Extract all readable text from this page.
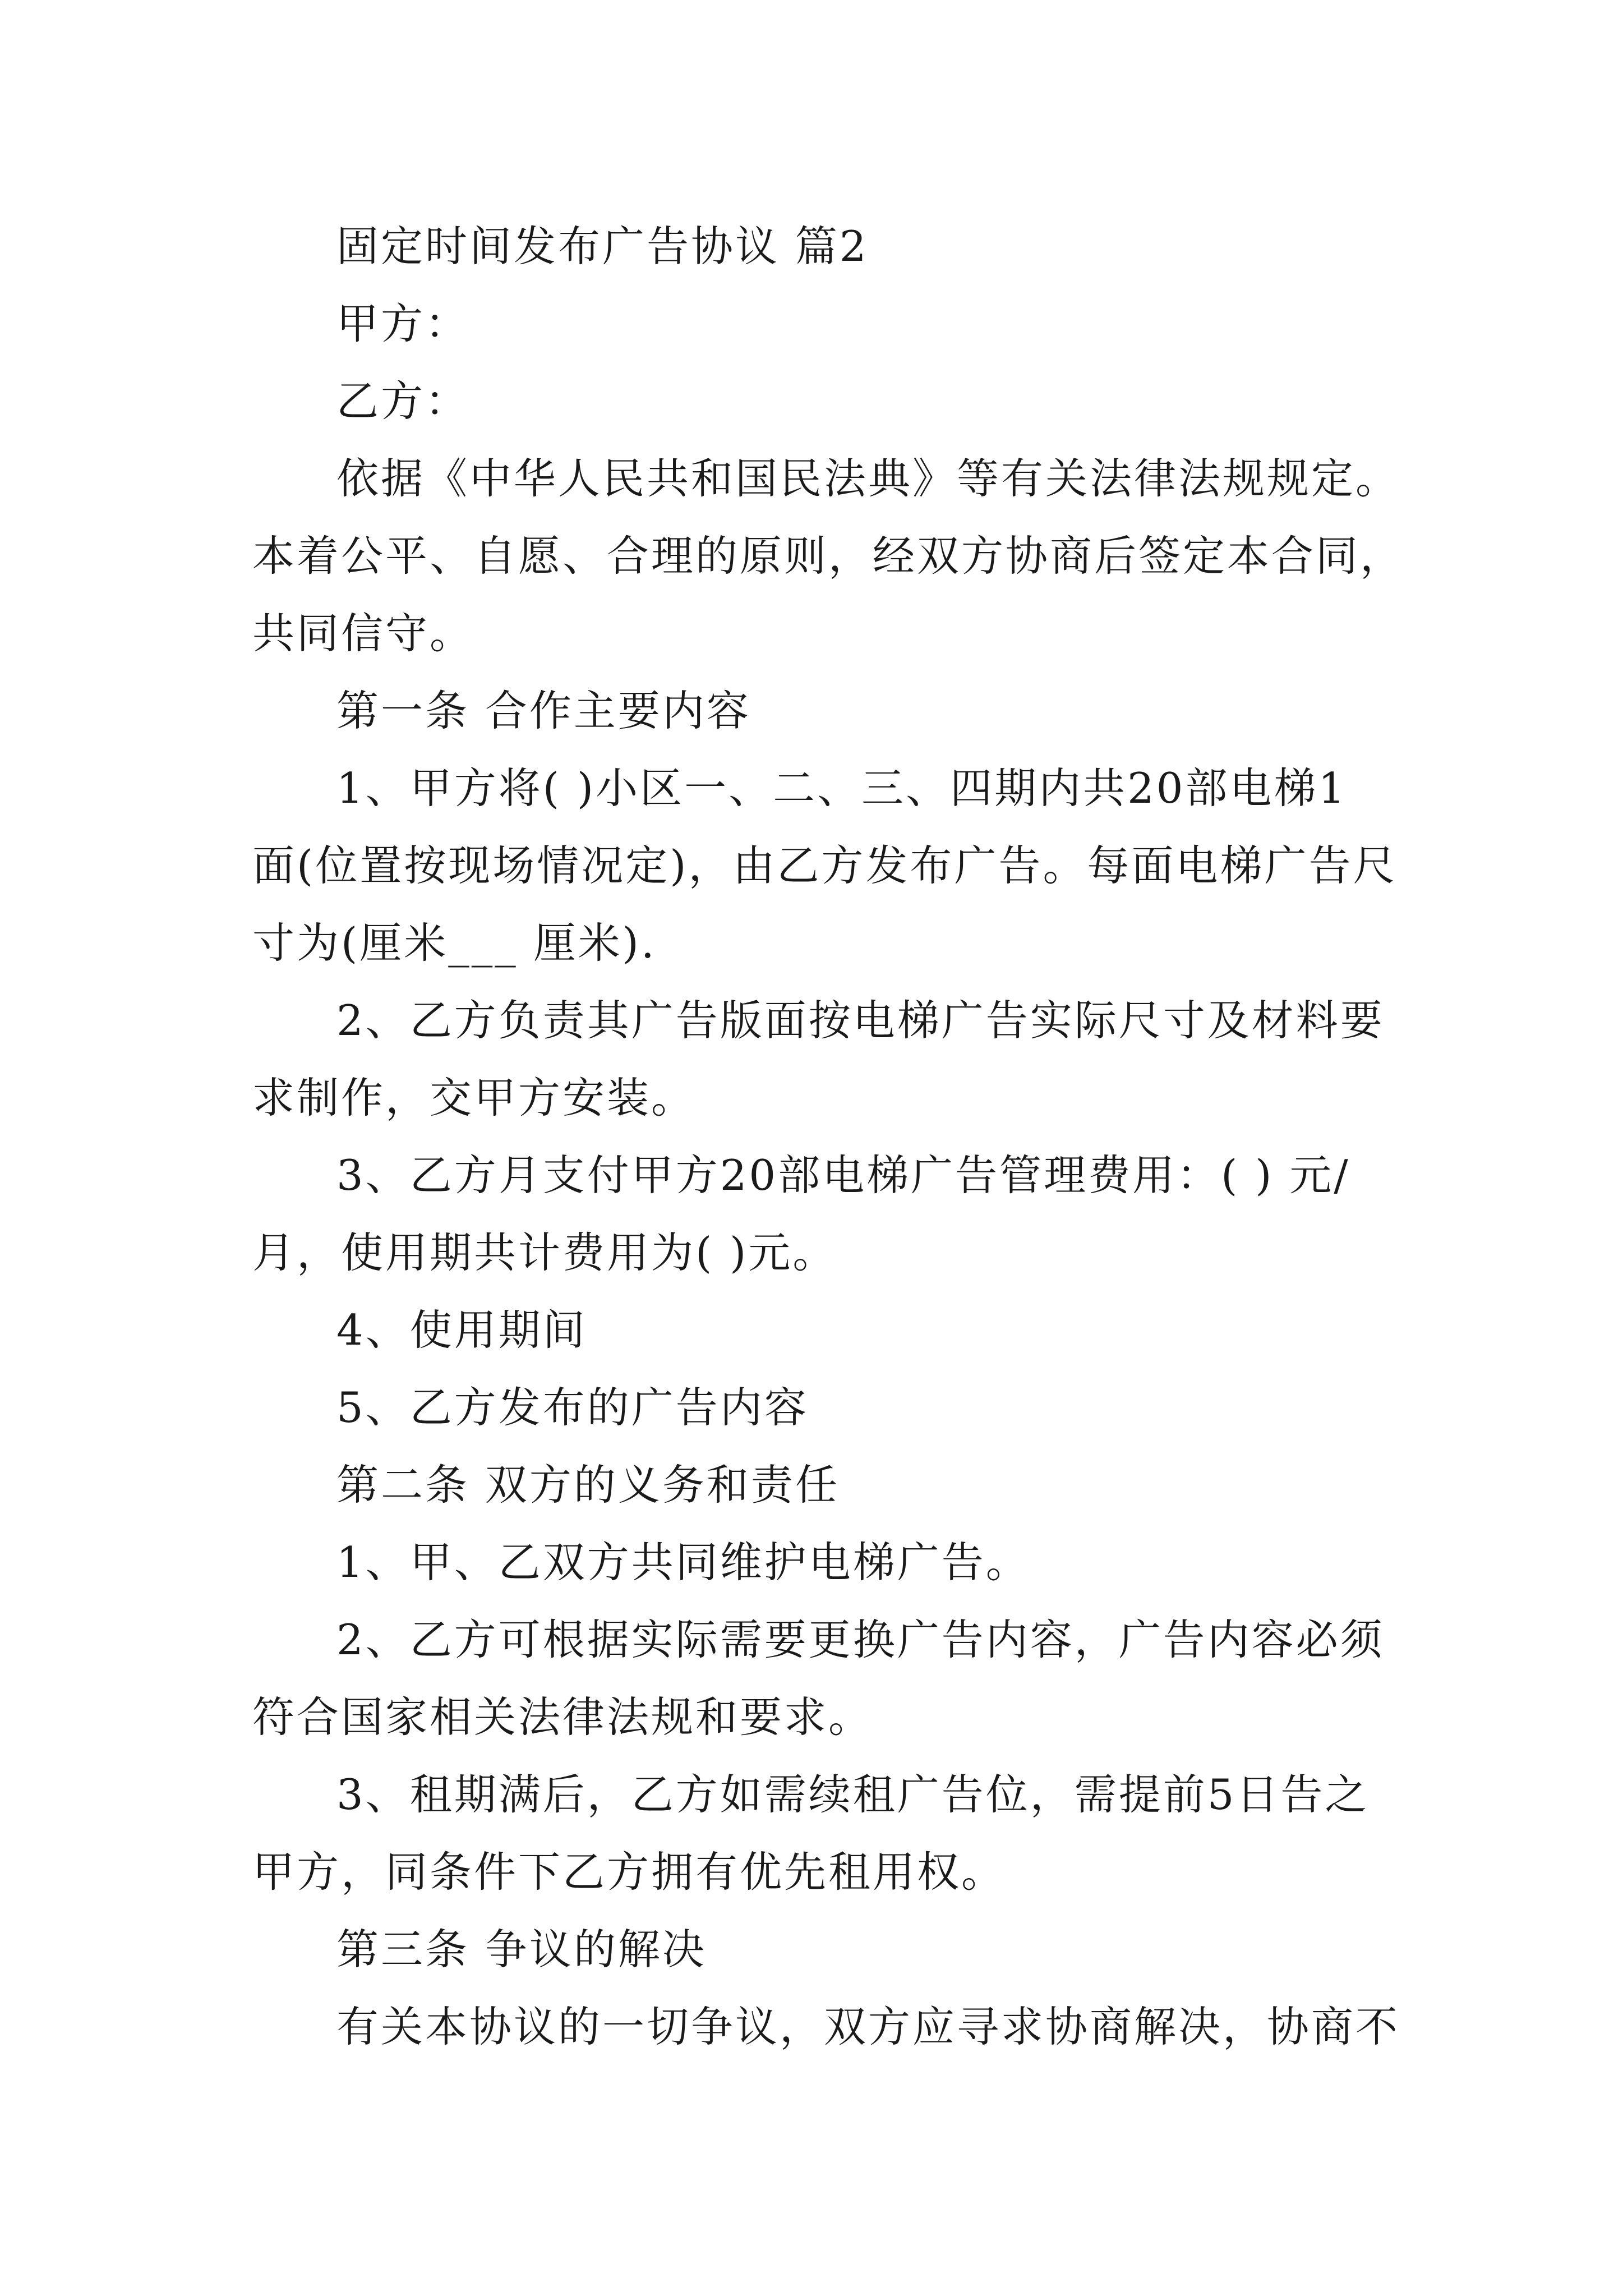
固定时间发布广告协议 篇2
甲方：
乙方：
依据《中华人民共和国民法典》等有关法律法规规定。
本着公平、自愿、合理的原则，经双方协商后签定本合同，
共同信守。
第一条 合作主要内容
1、甲方将( )小区一、二、三、四期内共20部电梯1
面(位置按现场情况定)，由乙方发布广告。每面电梯广告尺
寸为(厘米___ 厘米).
2、乙方负责其广告版面按电梯广告实际尺寸及材料要
求制作，交甲方安装。
3、乙方月支付甲方20部电梯广告管理费用：( ) 元/
月，使用期共计费用为( )元。
4、使用期间
5、乙方发布的广告内容
第二条 双方的义务和责任
1、甲、乙双方共同维护电梯广告。
2、乙方可根据实际需要更换广告内容，广告内容必须
符合国家相关法律法规和要求。
3、租期满后，乙方如需续租广告位，需提前5日告之
甲方，同条件下乙方拥有优先租用权。
第三条 争议的解决
有关本协议的一切争议，双方应寻求协商解决，协商不
